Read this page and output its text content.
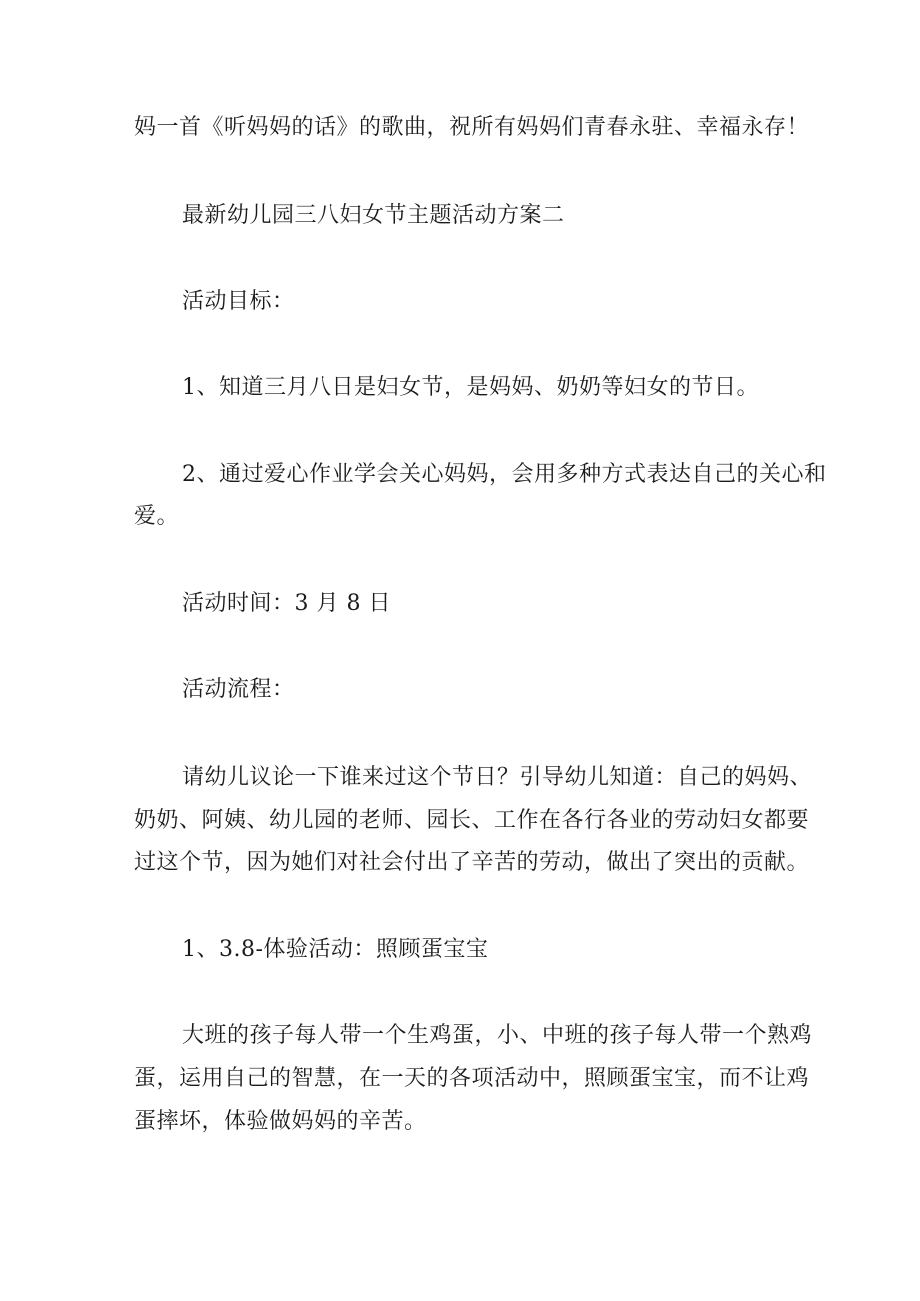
妈一首《听妈妈的话》的歌曲，祝所有妈妈们青春永驻、幸福永存！
最新幼儿园三八妇女节主题活动方案二
活动目标：
1、知道三月八日是妇女节，是妈妈、奶奶等妇女的节日。
2、通过爱心作业学会关心妈妈，会用多种方式表达自己的关心和
爱。
活动时间：3 月 8 日
活动流程：
请幼儿议论一下谁来过这个节日？引导幼儿知道：自己的妈妈、
奶奶、阿姨、幼儿园的老师、园长、工作在各行各业的劳动妇女都要
过这个节，因为她们对社会付出了辛苦的劳动，做出了突出的贡献。
1、3.8-体验活动：照顾蛋宝宝
大班的孩子每人带一个生鸡蛋，小、中班的孩子每人带一个熟鸡
蛋，运用自己的智慧，在一天的各项活动中，照顾蛋宝宝，而不让鸡
蛋摔坏，体验做妈妈的辛苦。
